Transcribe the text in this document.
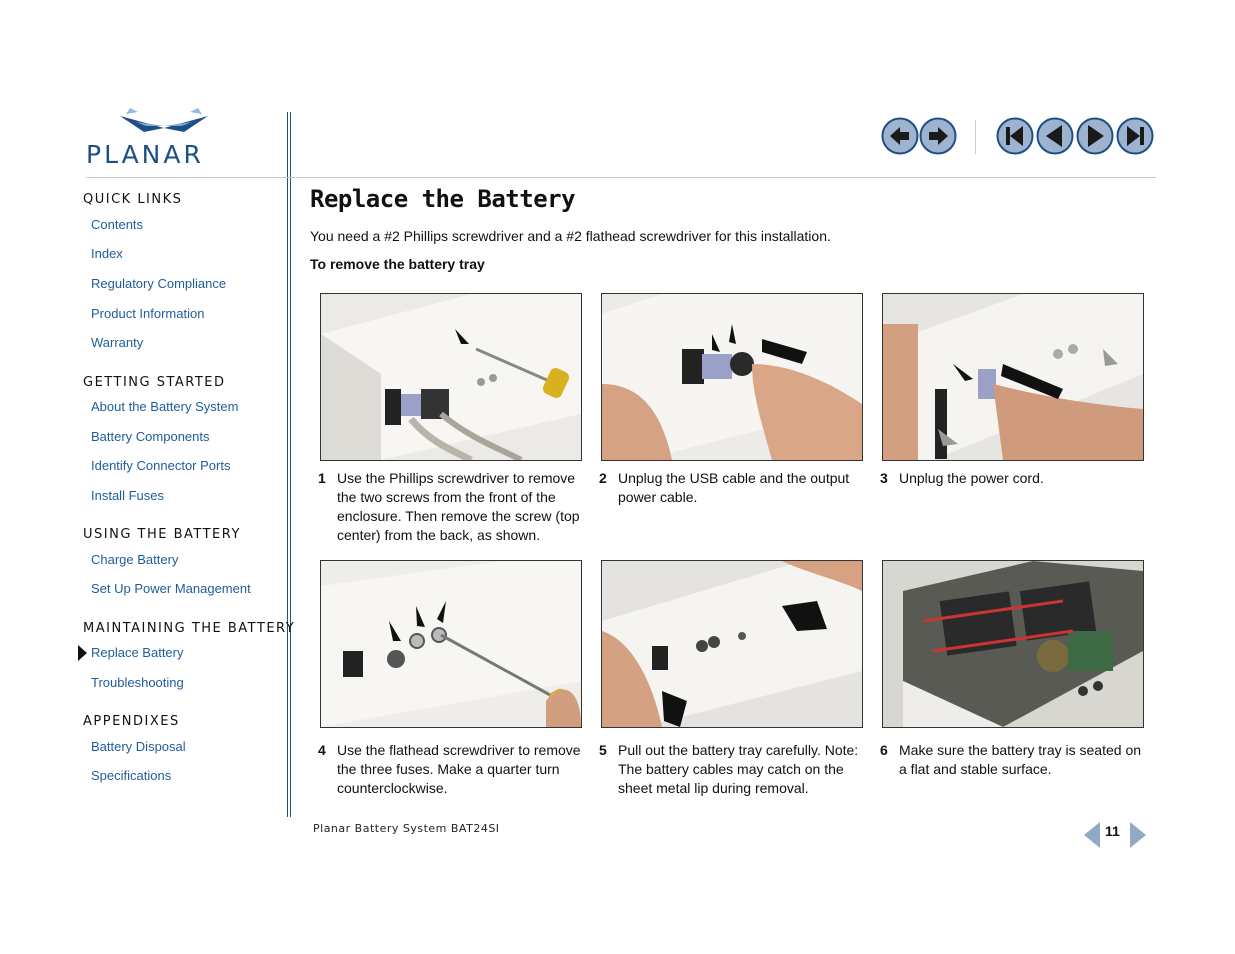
PLANAR
QUICK LINKS
Contents
Index
Regulatory Compliance
Product Information
Warranty
GETTING STARTED
About the Battery System
Battery Components
Identify Connector Ports
Install Fuses
USING THE BATTERY
Charge Battery
Set Up Power Management
MAINTAINING THE BATTERY
Replace Battery
Troubleshooting
APPENDIXES
Battery Disposal
Specifications
Replace the Battery
You need a #2 Phillips screwdriver and a #2 flathead screwdriver for this installation.
To remove the battery tray
1 Use the Phillips screwdriver to remove the two screws from the front of the enclosure. Then remove the screw (top center) from the back, as shown.
2 Unplug the USB cable and the output power cable.
3 Unplug the power cord.
4 Use the flathead screwdriver to remove the three fuses. Make a quarter turn counterclockwise.
5 Pull out the battery tray carefully. Note: The battery cables may catch on the sheet metal lip during removal.
6 Make sure the battery tray is seated on a flat and stable surface.
Planar Battery System BAT24SI	11
